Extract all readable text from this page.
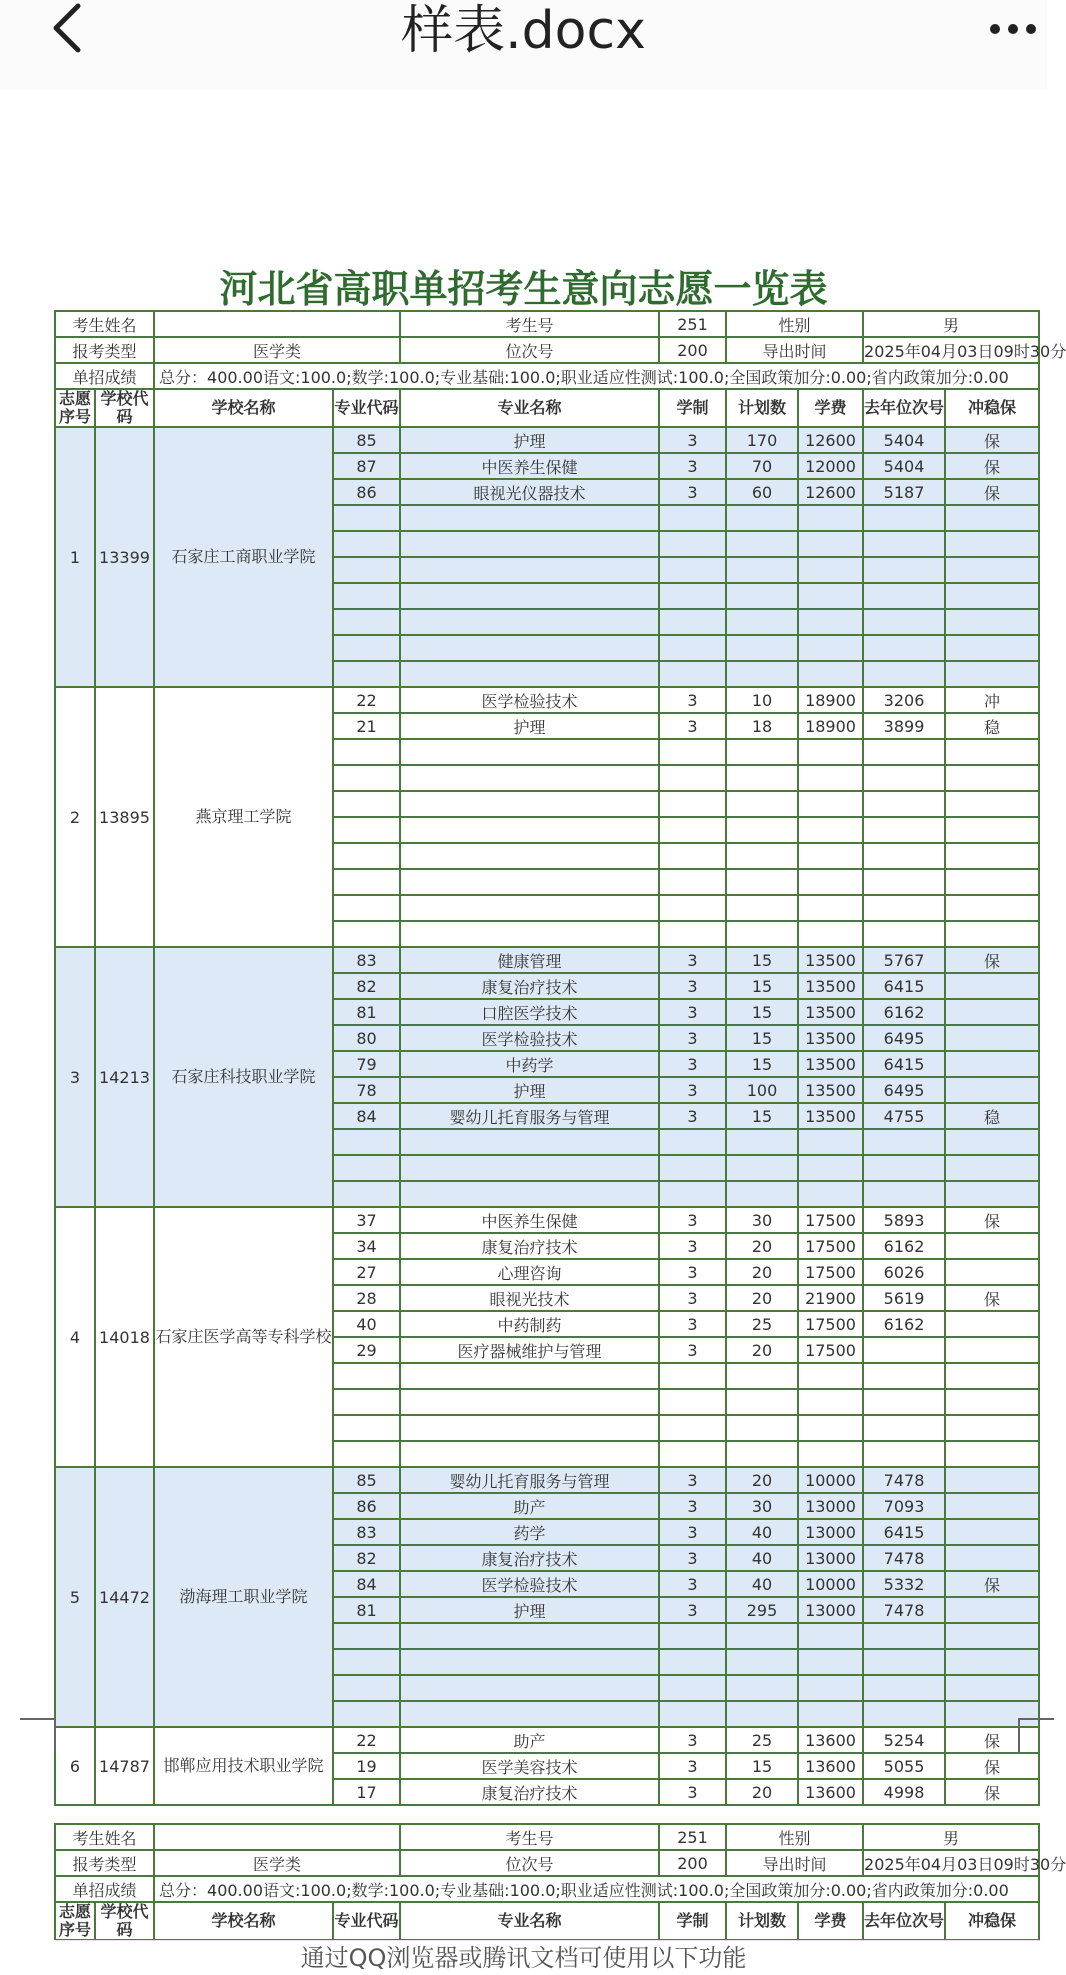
样表.docx
河北省高职单招考生意向志愿一览表
考生姓名				考生号	251	性别		男	
报考类型		医学类		位次号	200	导出时间		2025年04月03日09时30分	
单招成绩		总分：400.00语文:100.0;数学:100.0;专业基础:100.0;职业适应性测试:100.0;全国政策加分:0.00;省内政策加分:0.00							
志愿序号	学校代码	学校名称	专业代码	专业名称	学制	计划数	学费	去年位次号	冲稳保
1	13399	石家庄工商职业学院	85	护理	3	170	12600	5404	保
			87	中医养生保健	3	70	12000	5404	保
			86	眼视光仪器技术	3	60	12600	5187	保

2	13895	燕京理工学院	22	医学检验技术	3	10	18900	3206	冲
			21	护理	3	18	18900	3899	稳

3	14213	石家庄科技职业学院	83	健康管理	3	15	13500	5767	保
			82	康复治疗技术	3	15	13500	6415	
			81	口腔医学技术	3	15	13500	6162	
			80	医学检验技术	3	15	13500	6495	
			79	中药学	3	15	13500	6415	
			78	护理	3	100	13500	6495	
			84	婴幼儿托育服务与管理	3	15	13500	4755	稳

4	14018	石家庄医学高等专科学校	37	中医养生保健	3	30	17500	5893	保
			34	康复治疗技术	3	20	17500	6162	
			27	心理咨询	3	20	17500	6026	
			28	眼视光技术	3	20	21900	5619	保
			40	中药制药	3	25	17500	6162	
			29	医疗器械维护与管理	3	20	17500		

5	14472	渤海理工职业学院	85	婴幼儿托育服务与管理	3	20	10000	7478	
			86	助产	3	30	13000	7093	
			83	药学	3	40	13000	6415	
			82	康复治疗技术	3	40	13000	7478	
			84	医学检验技术	3	40	10000	5332	保
			81	护理	3	295	13000	7478	

6	14787	邯郸应用技术职业学院	22	助产	3	25	13600	5254	保
			19	医学美容技术	3	15	13600	5055	保
			17	康复治疗技术	3	20	13600	4998	保
考生姓名				考生号	251	性别		男	
报考类型		医学类		位次号	200	导出时间		2025年04月03日09时30分	
单招成绩		总分：400.00语文:100.0;数学:100.0;专业基础:100.0;职业适应性测试:100.0;全国政策加分:0.00;省内政策加分:0.00							
志愿序号	学校代码	学校名称	专业代码	专业名称	学制	计划数	学费	去年位次号	冲稳保
通过QQ浏览器或腾讯文档可使用以下功能
